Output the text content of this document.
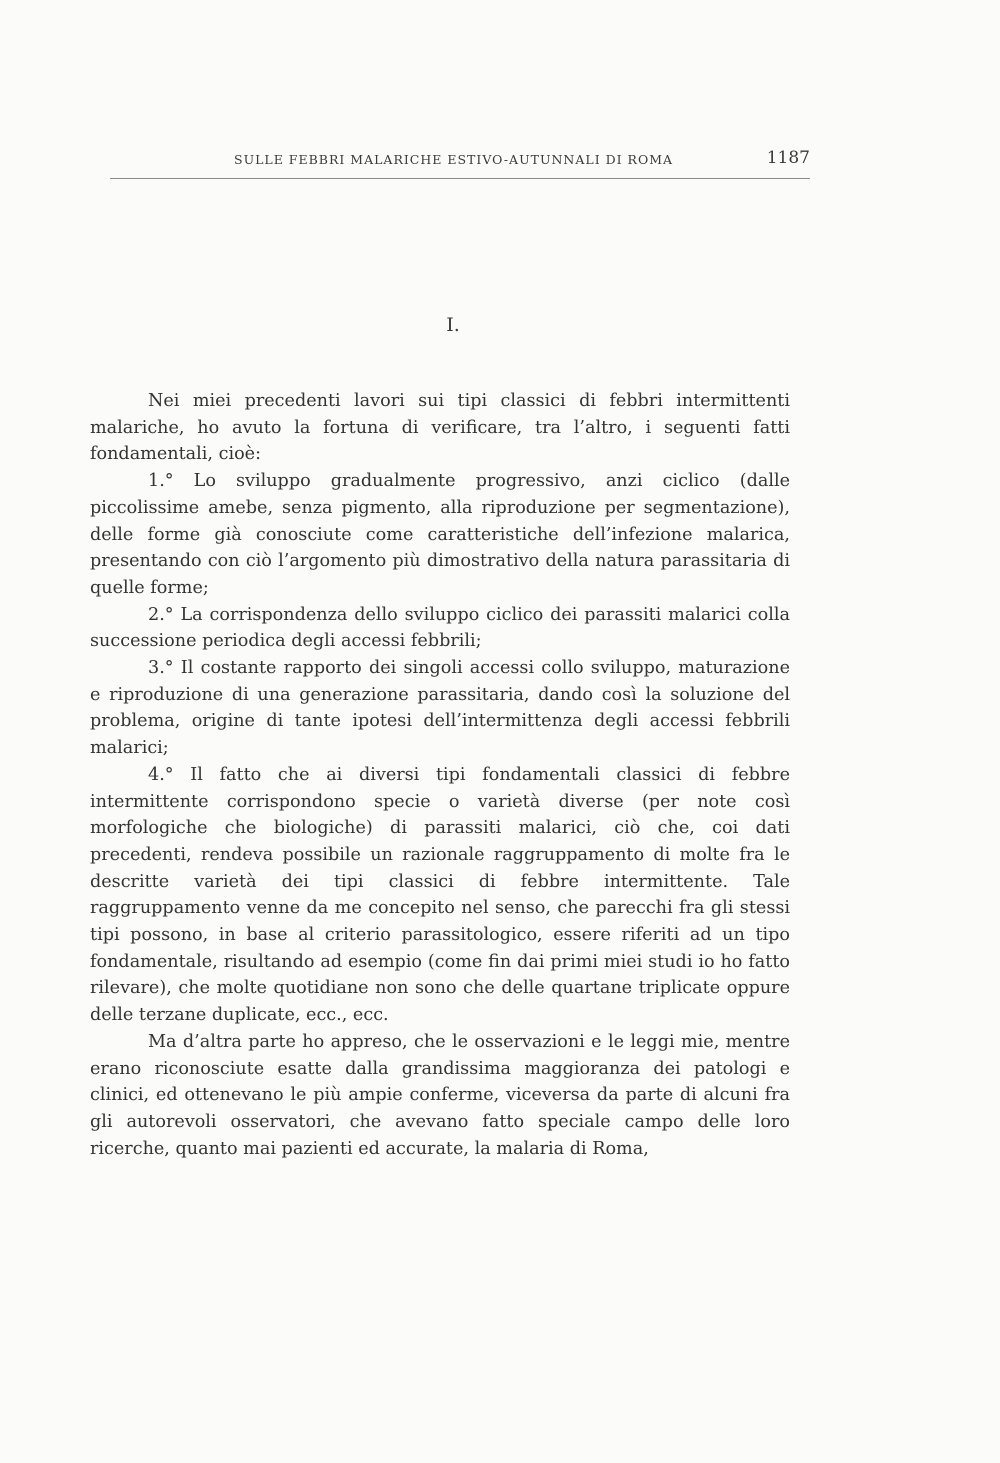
SULLE FEBBRI MALARICHE ESTIVO-AUTUNNALI DI ROMA	1187
I.

Nei miei precedenti lavori sui tipi classici di febbri intermittenti malariche, ho avuto la fortuna di verificare, tra l’altro, i seguenti fatti fondamentali, cioè:

1.° Lo sviluppo gradualmente progressivo, anzi ciclico (dalle piccolissime amebe, senza pigmento, alla riproduzione per segmentazione), delle forme già conosciute come caratteristiche dell’infezione malarica, presentando con ciò l’argomento più dimostrativo della natura parassitaria di quelle forme;

2.° La corrispondenza dello sviluppo ciclico dei parassiti malarici colla successione periodica degli accessi febbrili;

3.° Il costante rapporto dei singoli accessi collo sviluppo, maturazione e riproduzione di una generazione parassitaria, dando così la soluzione del problema, origine di tante ipotesi dell’intermittenza degli accessi febbrili malarici;

4.° Il fatto che ai diversi tipi fondamentali classici di febbre intermittente corrispondono specie o varietà diverse (per note così morfologiche che biologiche) di parassiti malarici, ciò che, coi dati precedenti, rendeva possibile un razionale raggruppamento di molte fra le descritte varietà dei tipi classici di febbre intermittente. Tale raggruppamento venne da me concepito nel senso, che parecchi fra gli stessi tipi possono, in base al criterio parassitologico, essere riferiti ad un tipo fondamentale, risultando ad esempio (come fin dai primi miei studi io ho fatto rilevare), che molte quotidiane non sono che delle quartane triplicate oppure delle terzane duplicate, ecc., ecc.

Ma d’altra parte ho appreso, che le osservazioni e le leggi mie, mentre erano riconosciute esatte dalla grandissima maggioranza dei patologi e clinici, ed ottenevano le più ampie conferme, viceversa da parte di alcuni fra gli autorevoli osservatori, che avevano fatto speciale campo delle loro ricerche, quanto mai pazienti ed accurate, la malaria di Roma,
